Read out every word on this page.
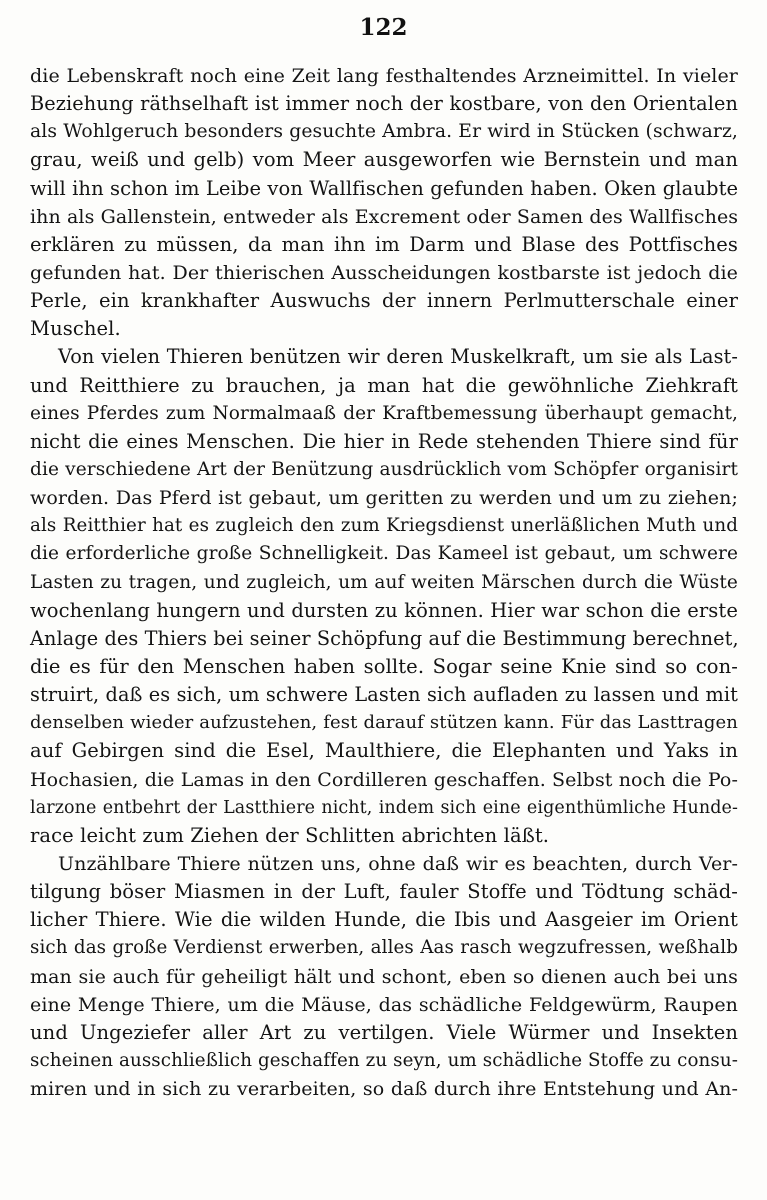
122
die Lebenskraft noch eine Zeit lang festhaltendes Arzneimittel. In vieler
Beziehung räthselhaft ist immer noch der kostbare, von den Orientalen
als Wohlgeruch besonders gesuchte Ambra. Er wird in Stücken (schwarz,
grau, weiß und gelb) vom Meer ausgeworfen wie Bernstein und man
will ihn schon im Leibe von Wallfischen gefunden haben. Oken glaubte
ihn als Gallenstein, entweder als Excrement oder Samen des Wallfisches
erklären zu müssen, da man ihn im Darm und Blase des Pottfisches
gefunden hat. Der thierischen Ausscheidungen kostbarste ist jedoch die
Perle, ein krankhafter Auswuchs der innern Perlmutterschale einer
Muschel.
Von vielen Thieren benützen wir deren Muskelkraft, um sie als Last-
und Reitthiere zu brauchen, ja man hat die gewöhnliche Ziehkraft
eines Pferdes zum Normalmaaß der Kraftbemessung überhaupt gemacht,
nicht die eines Menschen. Die hier in Rede stehenden Thiere sind für
die verschiedene Art der Benützung ausdrücklich vom Schöpfer organisirt
worden. Das Pferd ist gebaut, um geritten zu werden und um zu ziehen;
als Reitthier hat es zugleich den zum Kriegsdienst unerläßlichen Muth und
die erforderliche große Schnelligkeit. Das Kameel ist gebaut, um schwere
Lasten zu tragen, und zugleich, um auf weiten Märschen durch die Wüste
wochenlang hungern und dursten zu können. Hier war schon die erste
Anlage des Thiers bei seiner Schöpfung auf die Bestimmung berechnet,
die es für den Menschen haben sollte. Sogar seine Knie sind so con-
struirt, daß es sich, um schwere Lasten sich aufladen zu lassen und mit
denselben wieder aufzustehen, fest darauf stützen kann. Für das Lasttragen
auf Gebirgen sind die Esel, Maulthiere, die Elephanten und Yaks in
Hochasien, die Lamas in den Cordilleren geschaffen. Selbst noch die Po-
larzone entbehrt der Lastthiere nicht, indem sich eine eigenthümliche Hunde-
race leicht zum Ziehen der Schlitten abrichten läßt.
Unzählbare Thiere nützen uns, ohne daß wir es beachten, durch Ver-
tilgung böser Miasmen in der Luft, fauler Stoffe und Tödtung schäd-
licher Thiere. Wie die wilden Hunde, die Ibis und Aasgeier im Orient
sich das große Verdienst erwerben, alles Aas rasch wegzufressen, weßhalb
man sie auch für geheiligt hält und schont, eben so dienen auch bei uns
eine Menge Thiere, um die Mäuse, das schädliche Feldgewürm, Raupen
und Ungeziefer aller Art zu vertilgen. Viele Würmer und Insekten
scheinen ausschließlich geschaffen zu seyn, um schädliche Stoffe zu consu-
miren und in sich zu verarbeiten, so daß durch ihre Entstehung und An-
